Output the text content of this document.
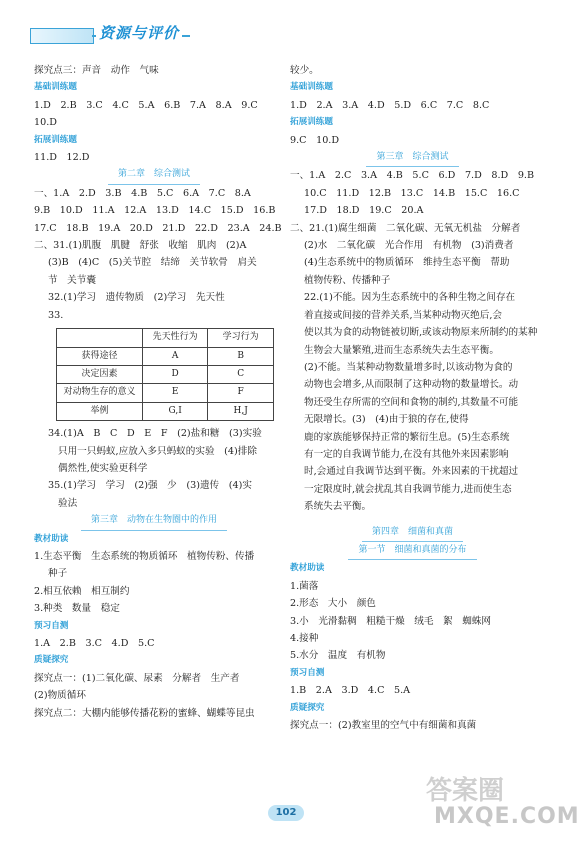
资源与评价
探究点三：声音　动作　气味
基础训练题
1.D　2.B　3.C　4.C　5.A　6.B　7.A　8.A　9.C
10.D
拓展训练题
11.D　12.D
第二章　综合测试
一、1.A　2.D　3.B　4.B　5.C　6.A　7.C　8.A
9.B　10.D　11.A　12.A　13.D　14.C　15.D　16.B
17.C　18.B　19.A　20.D　21.D　22.D　23.A　24.B
二、31.(1)肌腹　肌腱　舒张　收缩　肌肉　(2)A
(3)B　(4)C　(5)关节腔　结缔　关节软骨　肩关
节　关节囊
32.(1)学习　遗传物质　(2)学习　先天性
33.
	先天性行为	学习行为
获得途径	A	B
决定因素	D	C
对动物生存的意义	E	F
举例	G,I	H,J
34.(1)A　B　C　D　E　F　(2)盐和糖　(3)实验
只用一只蚂蚁,应放入多只蚂蚁的实验　(4)排除
偶然性,使实验更科学
35.(1)学习　学习　(2)强　少　(3)遗传　(4)实
验法
第三章　动物在生物圈中的作用
教材助读
1.生态平衡　生态系统的物质循环　植物传粉、传播
种子
2.相互依赖　相互制约
3.种类　数量　稳定
预习自测
1.A　2.B　3.C　4.D　5.C
质疑探究
探究点一：(1)二氧化碳、尿素　分解者　生产者
(2)物质循环
探究点二：大棚内能够传播花粉的蜜蜂、蝴蝶等昆虫
较少。
基础训练题
1.D　2.A　3.A　4.D　5.D　6.C　7.C　8.C
拓展训练题
9.C　10.D
第三章　综合测试
一、1.A　2.C　3.A　4.B　5.C　6.D　7.D　8.D　9.B
10.C　11.D　12.B　13.C　14.B　15.C　16.C
17.D　18.D　19.C　20.A
二、21.(1)腐生细菌　二氧化碳、无氧无机盐　分解者
(2)水　二氧化碳　光合作用　有机物　(3)消费者
(4)生态系统中的物质循环　维持生态平衡　帮助
植物传粉、传播种子
22.(1)不能。因为生态系统中的各种生物之间存在
着直接或间接的营养关系,当某种动物灭绝后,会
使以其为食的动物链被切断,或该动物原来所制约的某种
生物会大量繁殖,进而生态系统失去生态平衡。
(2)不能。当某种动物数量增多时,以该动物为食的
动物也会增多,从而限制了这种动物的数量增长。动
物还受生存所需的空间和食物的制约,其数量不可能
无限增长。(3)　(4)由于狼的存在,使得
鹿的家族能够保持正常的繁衍生息。(5)生态系统
有一定的自我调节能力,在没有其他外来因素影响
时,会通过自我调节达到平衡。外来因素的干扰超过
一定限度时,就会扰乱其自我调节能力,进而使生态
系统失去平衡。
第四章　细菌和真菌
第一节　细菌和真菌的分布
教材助读
1.菌落
2.形态　大小　颜色
3.小　光滑黏稠　粗糙干燥　绒毛　絮　蜘蛛网
4.接种
5.水分　温度　有机物
预习自测
1.B　2.A　3.D　4.C　5.A
质疑探究
探究点一：(2)教室里的空气中有细菌和真菌
102
答案圈
MXQE.COM
